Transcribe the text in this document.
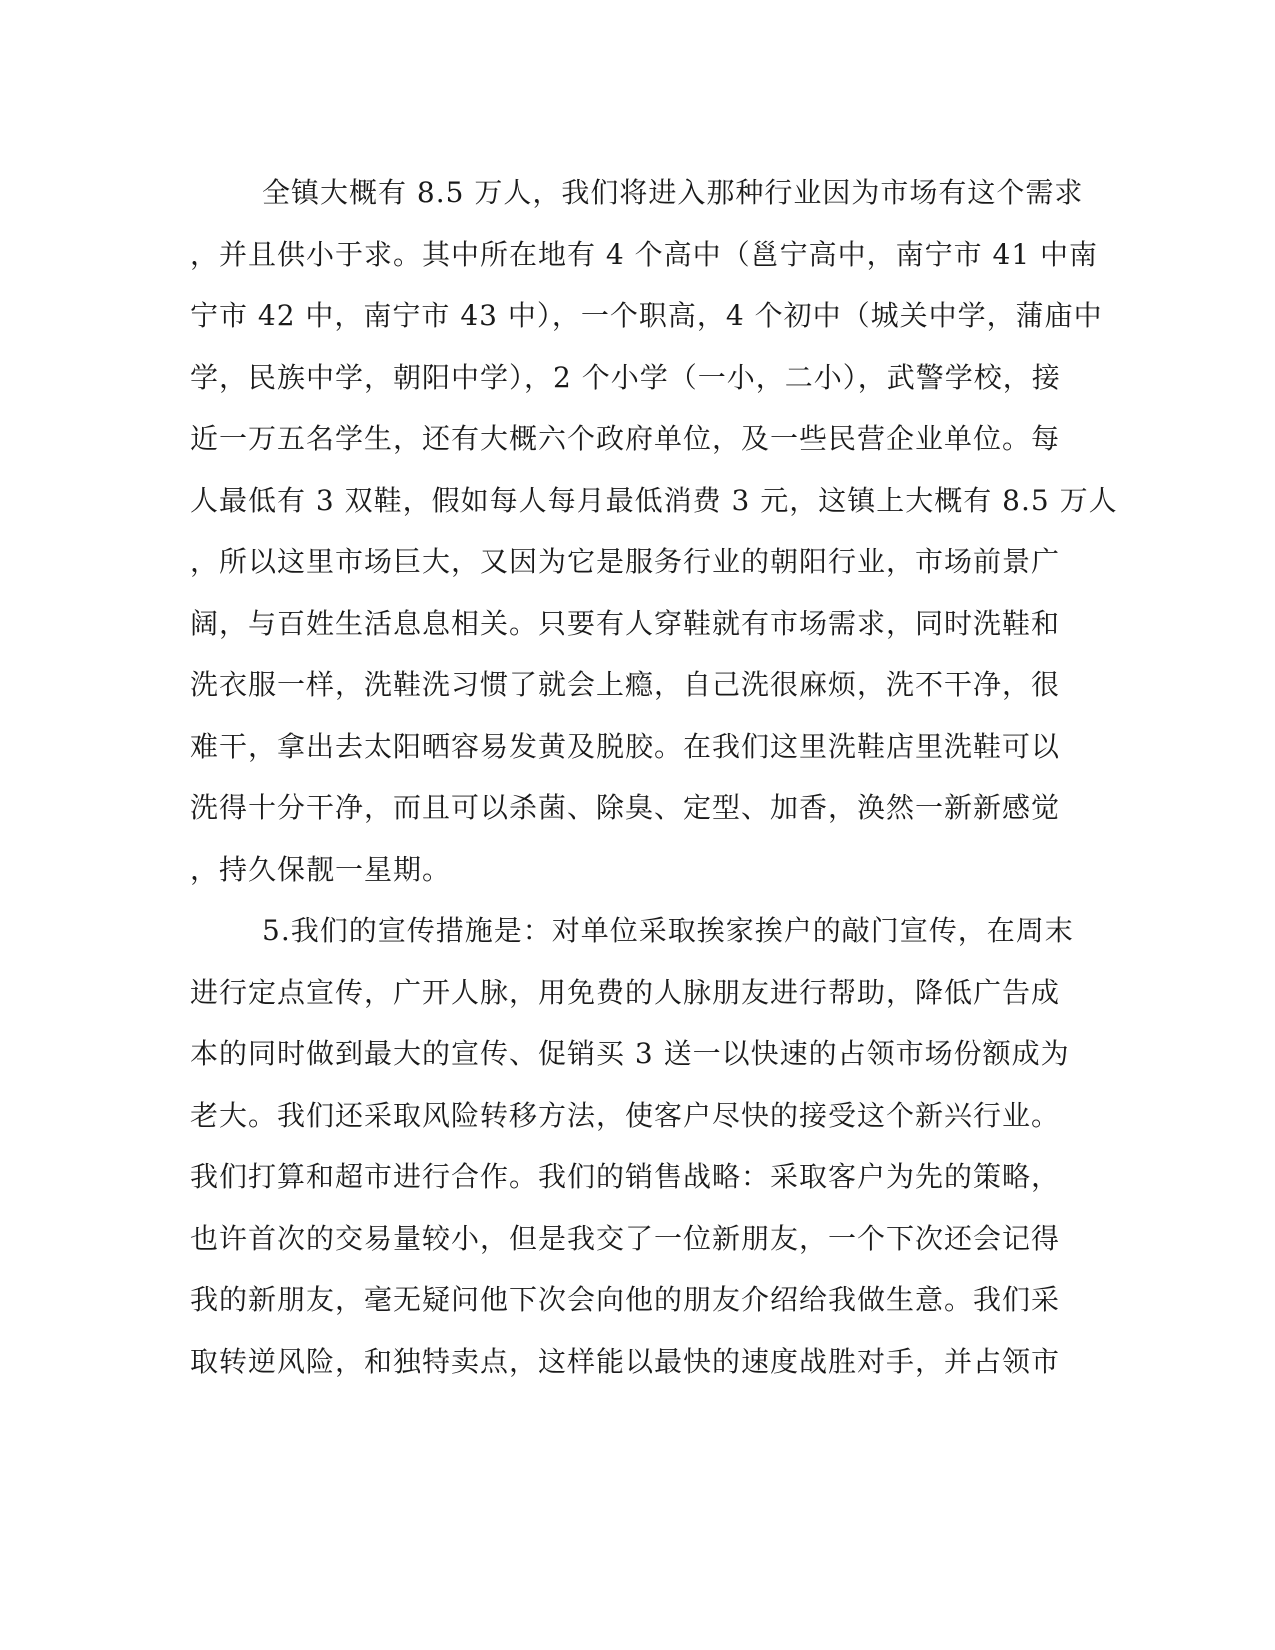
全镇大概有 8.5 万人，我们将进入那种行业因为市场有这个需求
，并且供小于求。其中所在地有 4 个高中（邕宁高中，南宁市 41 中南
宁市 42 中，南宁市 43 中），一个职高，4 个初中（城关中学，蒲庙中
学，民族中学，朝阳中学），2 个小学（一小，二小），武警学校，接
近一万五名学生，还有大概六个政府单位，及一些民营企业单位。每
人最低有 3 双鞋，假如每人每月最低消费 3 元，这镇上大概有 8.5 万人
，所以这里市场巨大，又因为它是服务行业的朝阳行业，市场前景广
阔，与百姓生活息息相关。只要有人穿鞋就有市场需求，同时洗鞋和
洗衣服一样，洗鞋洗习惯了就会上瘾，自己洗很麻烦，洗不干净，很
难干，拿出去太阳晒容易发黄及脱胶。在我们这里洗鞋店里洗鞋可以
洗得十分干净，而且可以杀菌、除臭、定型、加香，涣然一新新感觉
，持久保靓一星期。
5.我们的宣传措施是：对单位采取挨家挨户的敲门宣传，在周末
进行定点宣传，广开人脉，用免费的人脉朋友进行帮助，降低广告成
本的同时做到最大的宣传、促销买 3 送一以快速的占领市场份额成为
老大。我们还采取风险转移方法，使客户尽快的接受这个新兴行业。
我们打算和超市进行合作。我们的销售战略：采取客户为先的策略，
也许首次的交易量较小，但是我交了一位新朋友，一个下次还会记得
我的新朋友，毫无疑问他下次会向他的朋友介绍给我做生意。我们采
取转逆风险，和独特卖点，这样能以最快的速度战胜对手，并占领市
